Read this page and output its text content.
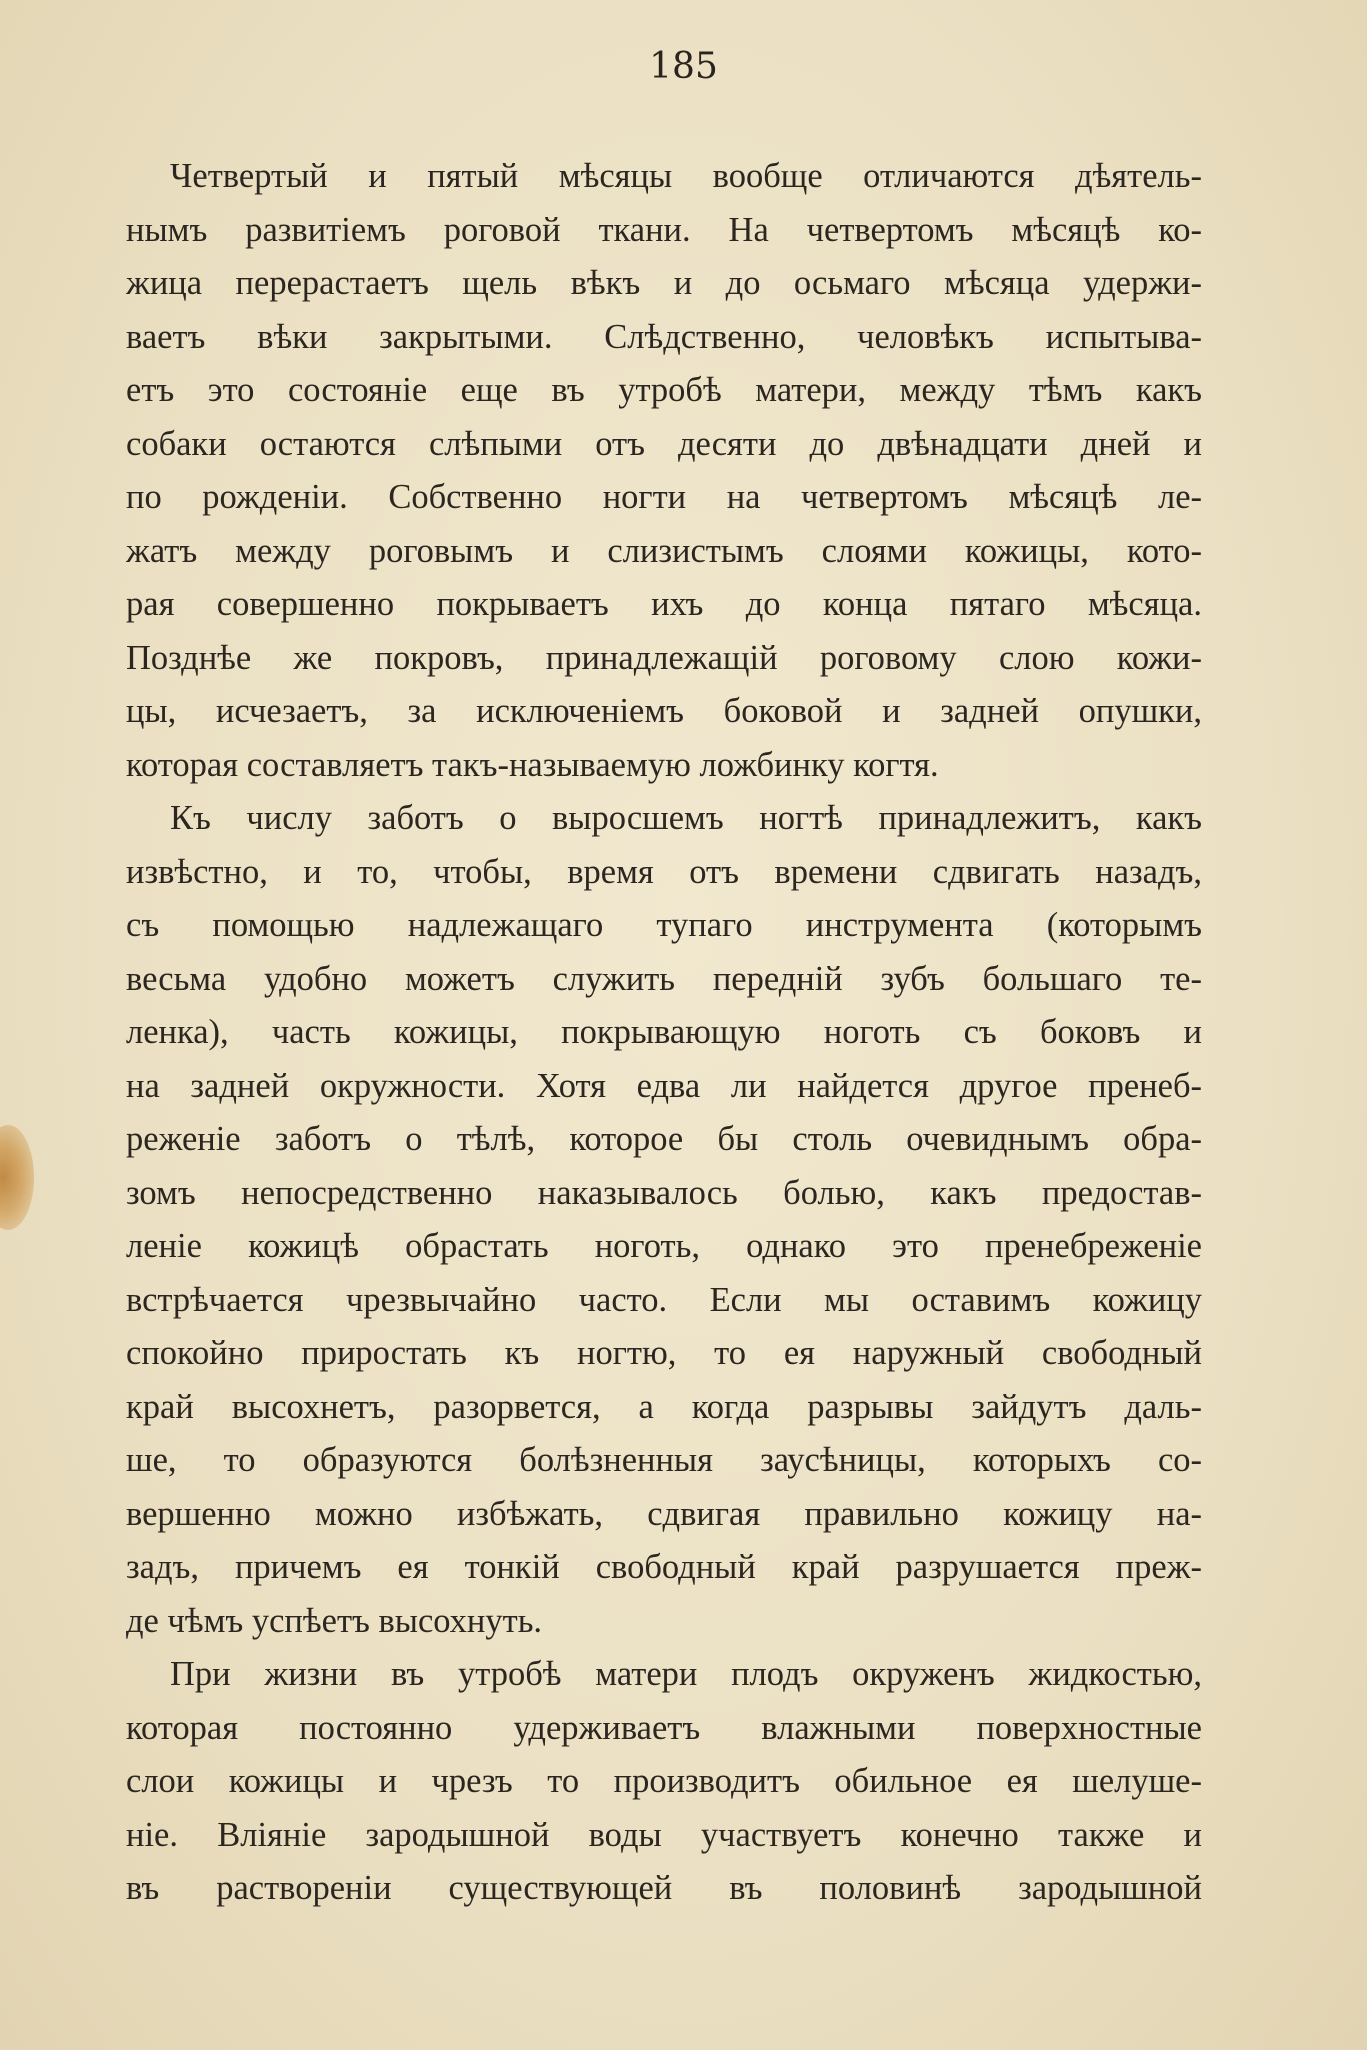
185
Четвертый и пятый мѣсяцы вообще отличаются дѣятель-
нымъ развитіемъ роговой ткани. На четвертомъ мѣсяцѣ ко-
жица перерастаетъ щель вѣкъ и до осьмаго мѣсяца удержи-
ваетъ вѣки закрытыми. Слѣдственно, человѣкъ испытыва-
етъ это состояніе еще въ утробѣ матери, между тѣмъ какъ
собаки остаются слѣпыми отъ десяти до двѣнадцати дней и
по рожденіи. Собственно ногти на четвертомъ мѣсяцѣ ле-
жатъ между роговымъ и слизистымъ слоями кожицы, кото-
рая совершенно покрываетъ ихъ до конца пятаго мѣсяца.
Позднѣе же покровъ, принадлежащій роговому слою кожи-
цы, исчезаетъ, за исключеніемъ боковой и задней опушки,
которая составляетъ такъ-называемую ложбинку когтя.
Къ числу заботъ о выросшемъ ногтѣ принадлежитъ, какъ
извѣстно, и то, чтобы, время отъ времени сдвигать назадъ,
съ помощью надлежащаго тупаго инструмента (которымъ
весьма удобно можетъ служить передній зубъ большаго те-
ленка), часть кожицы, покрывающую ноготь съ боковъ и
на задней окружности. Хотя едва ли найдется другое пренеб-
реженіе заботъ о тѣлѣ, которое бы столь очевиднымъ обра-
зомъ непосредственно наказывалось болью, какъ предостав-
леніе кожицѣ обрастать ноготь, однако это пренебреженіе
встрѣчается чрезвычайно часто. Если мы оставимъ кожицу
спокойно приростать къ ногтю, то ея наружный свободный
край высохнетъ, разорвется, а когда разрывы зайдутъ даль-
ше, то образуются болѣзненныя заусѣницы, которыхъ со-
вершенно можно избѣжать, сдвигая правильно кожицу на-
задъ, причемъ ея тонкій свободный край разрушается преж-
де чѣмъ успѣетъ высохнуть.
При жизни въ утробѣ матери плодъ окруженъ жидкостью,
которая постоянно удерживаетъ влажными поверхностные
слои кожицы и чрезъ то производитъ обильное ея шелуше-
ніе. Вліяніе зародышной воды участвуетъ конечно также и
въ раствореніи существующей въ половинѣ зародышной
